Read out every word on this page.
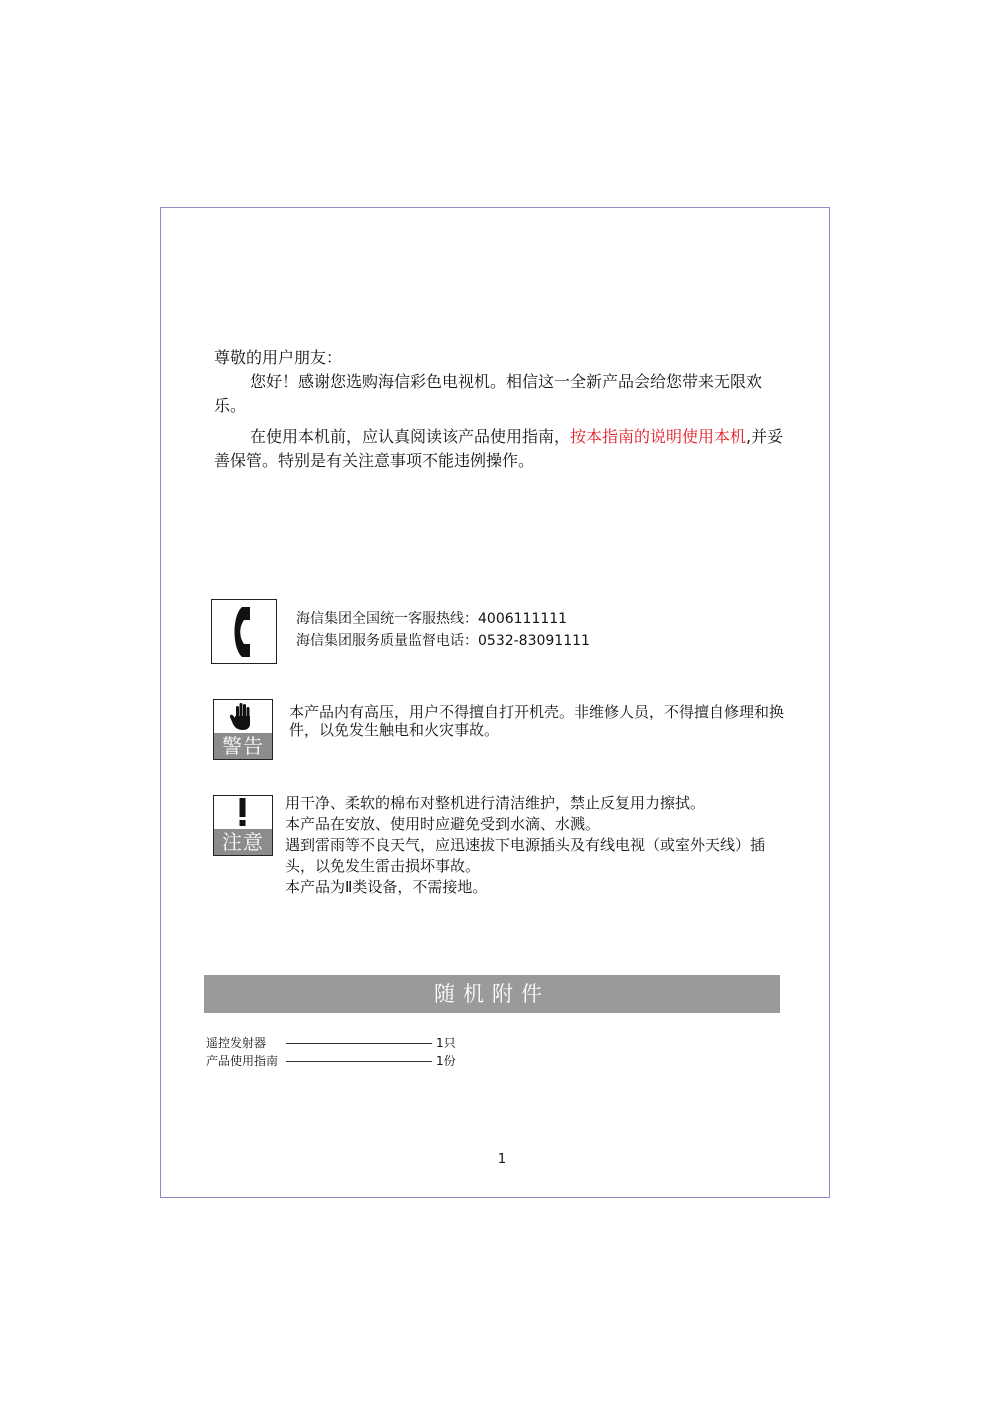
尊敬的用户朋友：

您好！感谢您选购海信彩色电视机。相信这一全新产品会给您带来无限欢乐。

在使用本机前，应认真阅读该产品使用指南，按本指南的说明使用本机,并妥善保管。特别是有关注意事项不能违例操作。

海信集团全国统一客服热线：4006111111
海信集团服务质量监督电话：0532-83091111
警告
本产品内有高压，用户不得擅自打开机壳。非维修人员，不得擅自修理和换件，以免发生触电和火灾事故。
注意
用干净、柔软的棉布对整机进行清洁维护，禁止反复用力擦拭。
本产品在安放、使用时应避免受到水滴、水溅。
遇到雷雨等不良天气，应迅速拔下电源插头及有线电视（或室外天线）插头，以免发生雷击损坏事故。
本产品为Ⅱ类设备，不需接地。
随机附件
遥控发射器	1只
产品使用指南	1份
1
